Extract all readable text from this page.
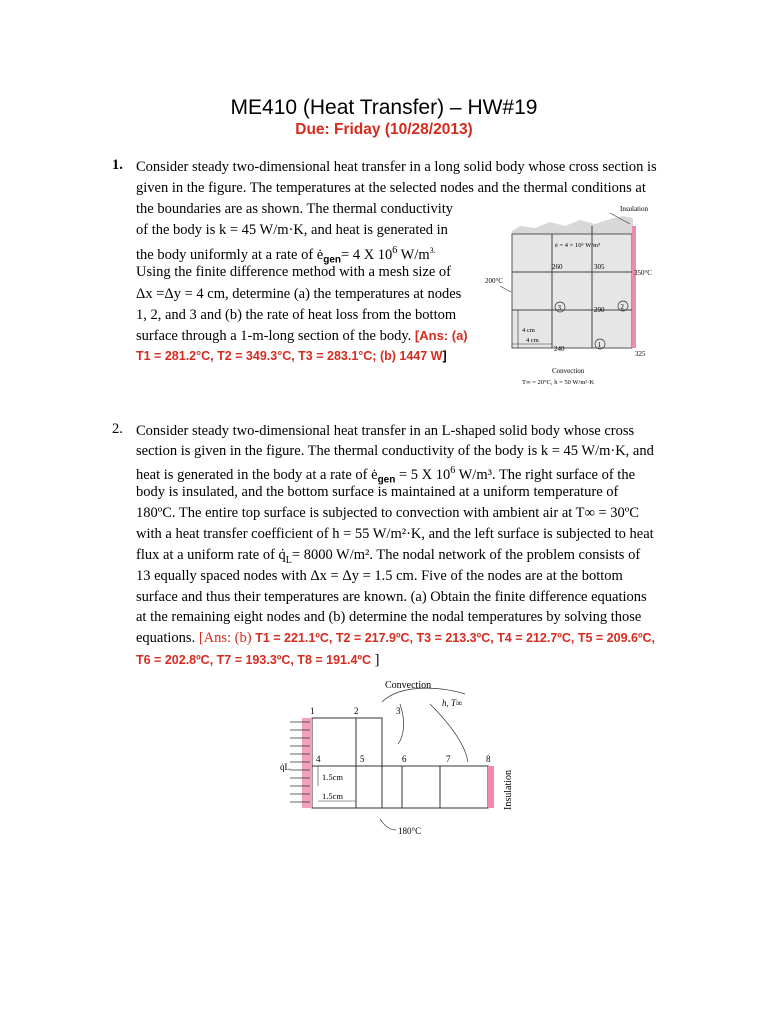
ME410 (Heat Transfer) – HW#19
Due: Friday (10/28/2013)
1. Consider steady two-dimensional heat transfer in a long solid body whose cross section is
given in the figure. The temperatures at the selected nodes and the thermal conditions at
the boundaries are as shown. The thermal conductivity
of the body is k = 45 W/m·K, and heat is generated in
the body uniformly at a rate of $ė_{gen}= 4$ X $10^6$ $W/m^{3.}$
Using the finite difference method with a mesh size of
Δx =Δy = 4 cm, determine (a) the temperatures at nodes
1, 2, and 3 and (b) the rate of heat loss from the bottom
surface through a 1-m-long section of the body. [Ans: (a)
T1 = 281.2°C, T2 = 349.3°C, T3 = 283.1°C; (b) 1447 W]
Insulation
ė = 4 × 10⁶ W/m³
260	305
350°C
200°C
3	290 2
4 cm
4 cm
240	1
325
Convection
T∞ = 20°C, h = 50 W/m²·K
2. Consider steady two-dimensional heat transfer in an L-shaped solid body whose cross
section is given in the figure. The thermal conductivity of the body is k = 45 W/m·K, and
heat is generated in the body at a rate of $ė_{gen} = 5$ X $10^6$ W/m³. The right surface of the
body is insulated, and the bottom surface is maintained at a uniform temperature of
180ºC. The entire top surface is subjected to convection with ambient air at T∞ = 30ºC
with a heat transfer coefficient of h = 55 W/m²·K, and the left surface is subjected to heat
flux at a uniform rate of $q̇_L= 8000$ W/m². The nodal network of the problem consists of
13 equally spaced nodes with Δx = Δy = 1.5 cm. Five of the nodes are at the bottom
surface and thus their temperatures are known. (a) Obtain the finite difference equations
at the remaining eight nodes and (b) determine the nodal temperatures by solving those
equations. [Ans: (b) T1 = 221.1ºC, T2 = 217.9ºC, T3 = 213.3ºC, T4 = 212.7ºC, T5 = 209.6ºC,
T6 = 202.8ºC, T7 = 193.3ºC, T8 = 191.4ºC ]
Convection
h, T∞
1	2	3
4	5	6	7	8
q̇L
1.5cm
1.5cm	Insulation
180°C
